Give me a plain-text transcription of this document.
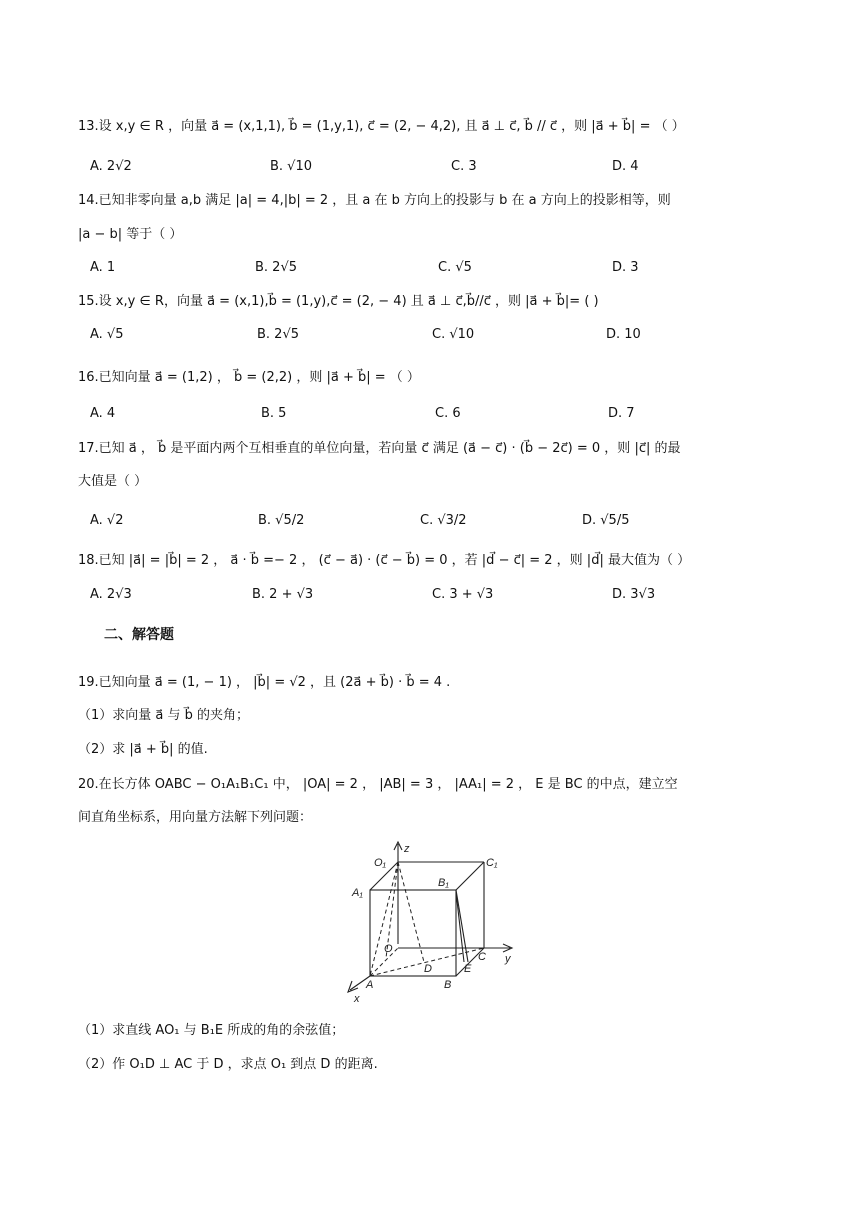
13.设 x,y ∈ R ，向量 a⃗ = (x,1,1), b⃗ = (1,y,1), c⃗ = (2, − 4,2), 且 a⃗ ⊥ c⃗, b⃗ // c⃗ ，则 |a⃗ + b⃗| = （ ）
A. 2√2	B. √10	C. 3	D. 4
14.已知非零向量 a,b 满足 |a| = 4,|b| = 2 ，且 a 在 b 方向上的投影与 b 在 a 方向上的投影相等，则
|a − b| 等于（ ）
A. 1	B. 2√5	C. √5	D. 3
15.设 x,y ∈ R，向量 a⃗ = (x,1),b⃗ = (1,y),c⃗ = (2, − 4) 且 a⃗ ⊥ c⃗,b⃗//c⃗ ，则 |a⃗ + b⃗|= ( )
A. √5	B. 2√5	C. √10	D. 10
16.已知向量 a⃗ = (1,2) ， b⃗ = (2,2) ，则 |a⃗ + b⃗| = （ ）
A. 4	B. 5	C. 6	D. 7
17.已知 a⃗ ， b⃗ 是平面内两个互相垂直的单位向量，若向量 c⃗ 满足 (a⃗ − c⃗) · (b⃗ − 2c⃗) = 0 ，则 |c⃗| 的最
大值是（ ）
A. √2	B. √5/2	C. √3/2	D. √5/5
18.已知 |a⃗| = |b⃗| = 2 ， a⃗ · b⃗ =− 2 ， (c⃗ − a⃗) · (c⃗ − b⃗) = 0 ，若 |d⃗ − c⃗| = 2 ，则 |d⃗| 最大值为（ ）
A. 2√3	B. 2 + √3	C. 3 + √3	D. 3√3
二、解答题
19.已知向量 a⃗ = (1, − 1) ， |b⃗| = √2 ，且 (2a⃗ + b⃗) · b⃗ = 4 .
（1）求向量 a⃗ 与 b⃗ 的夹角；
（2）求 |a⃗ + b⃗| 的值.
20.在长方体 OABC − O₁A₁B₁C₁ 中， |OA| = 2 ， |AB| = 3 ， |AA₁| = 2 ， E 是 BC 的中点，建立空
间直角坐标系，用向量方法解下列问题：
z
O₁	C₁
A₁
B₁
O
D
C y
E
A	B
x
（1）求直线 AO₁ 与 B₁E 所成的角的余弦值；
（2）作 O₁D ⊥ AC 于 D ，求点 O₁ 到点 D 的距离.
